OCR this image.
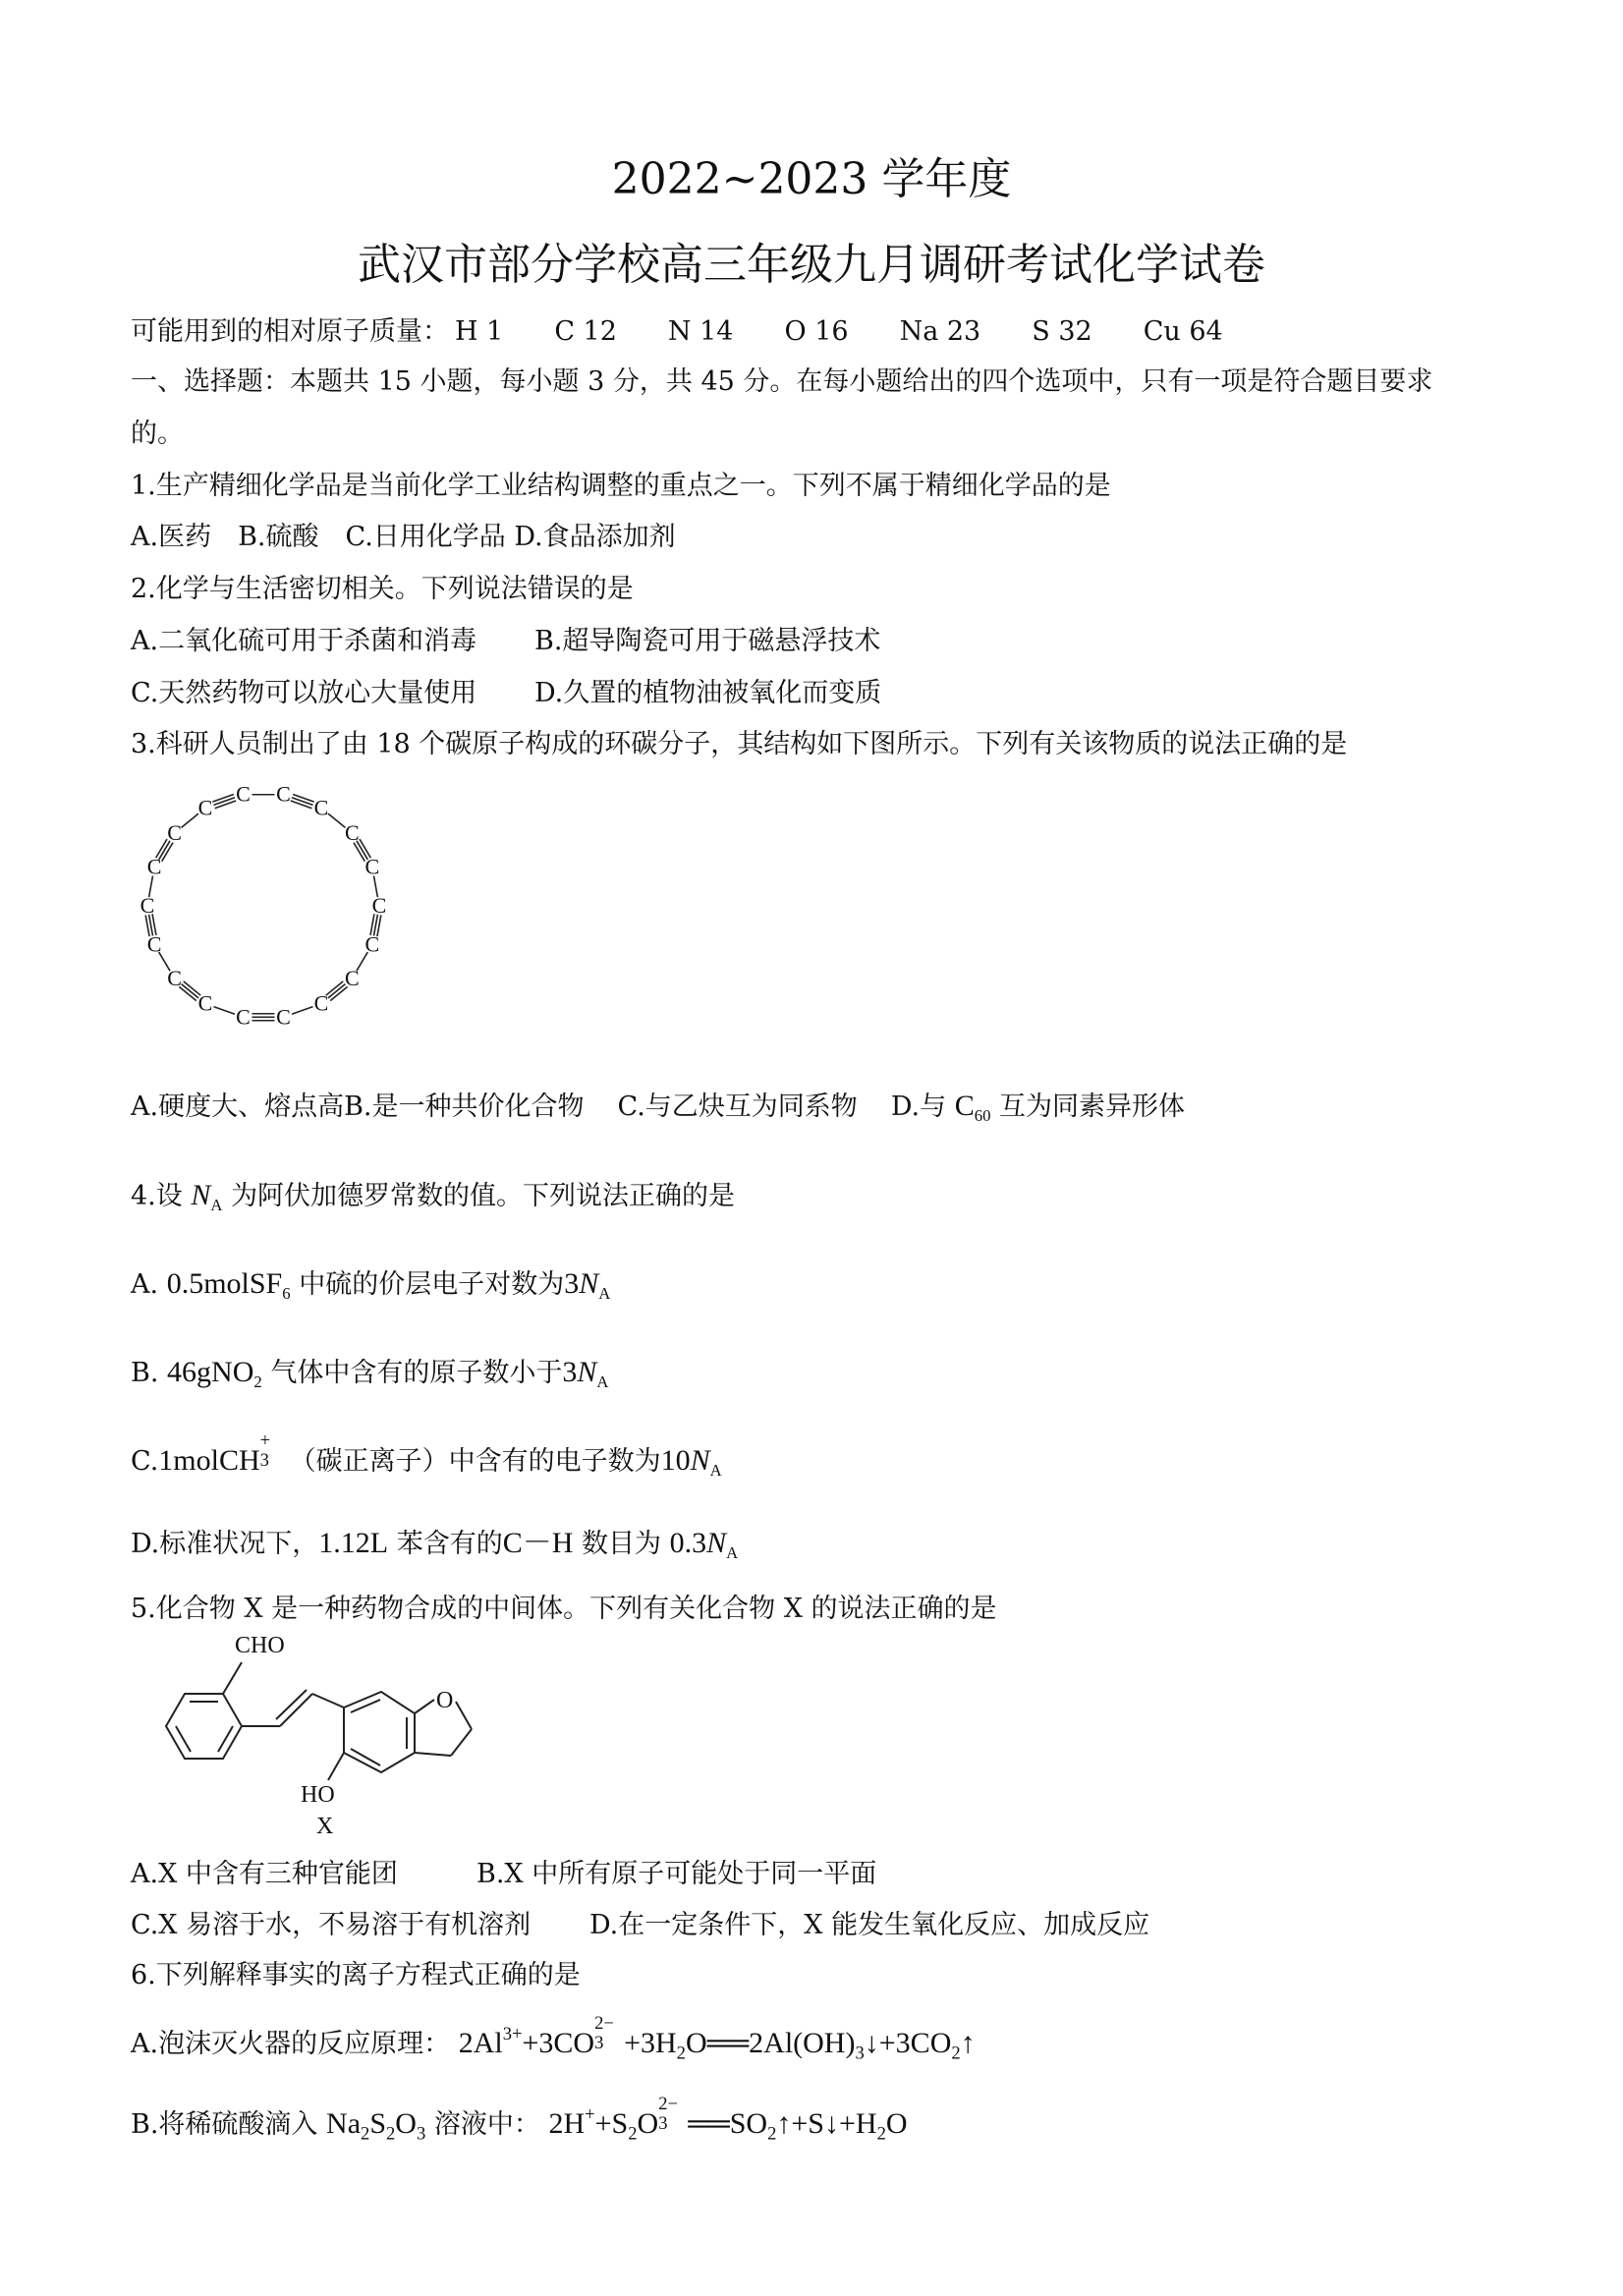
2022~2023 学年度
武汉市部分学校高三年级九月调研考试化学试卷
可能用到的相对原子质量： H 1 C 12 N 14 O 16 Na 23 S 32 Cu 64
一、选择题：本题共 15 小题，每小题 3 分，共 45 分。在每小题给出的四个选项中，只有一项是符合题目要求
的。
1.生产精细化学品是当前化学工业结构调整的重点之一。下列不属于精细化学品的是
A.医药　B.硫酸　C.日用化学品 D.食品添加剂
2.化学与生活密切相关。下列说法错误的是
A.二氧化硫可用于杀菌和消毒 B.超导陶瓷可用于磁悬浮技术
C.天然药物可以放心大量使用 D.久置的植物油被氧化而变质
3.科研人员制出了由 18 个碳原子构成的环碳分子，其结构如下图所示。下列有关该物质的说法正确的是
C
C
C
C
C
C
C
C
C
C
C
C
C
C
C
C
C
C
A.硬度大、熔点高B.是一种共价化合物 C.与乙炔互为同系物 D.与 $C_{60}$ 互为同素异形体
4.设 $N_A$ 为阿伏加德罗常数的值。下列说法正确的是
A. 0.5molSF$_6$ 中硫的价层电子对数为$3N_A$
B. 46gNO$_2$ 气体中含有的原子数小于$3N_A$
C.1molCH
+
3 （碳正离子）中含有的电子数为$10N_A$
D.标准状况下，1.12L 苯含有的C－H 数目为 $0.3N_A$
5.化合物 X 是一种药物合成的中间体。下列有关化合物 X 的说法正确的是
CHO
O
HO
X
A.X 中含有三种官能团	B.X 中所有原子可能处于同一平面
C.X 易溶于水，不易溶于有机溶剂 D.在一定条件下，X 能发生氧化反应、加成反应
6.下列解释事实的离子方程式正确的是
A.泡沫灭火器的反应原理： $2Al^{3+}+3CO$
2−
$3 +3H_2O══2Al(OH)_3↓+3CO_2↑$
B.将稀硫酸滴入 $Na_2S_2O_3$ 溶液中： $2H^++S_2O$
2−
3 $══SO_2↑+S↓+H_2O$
